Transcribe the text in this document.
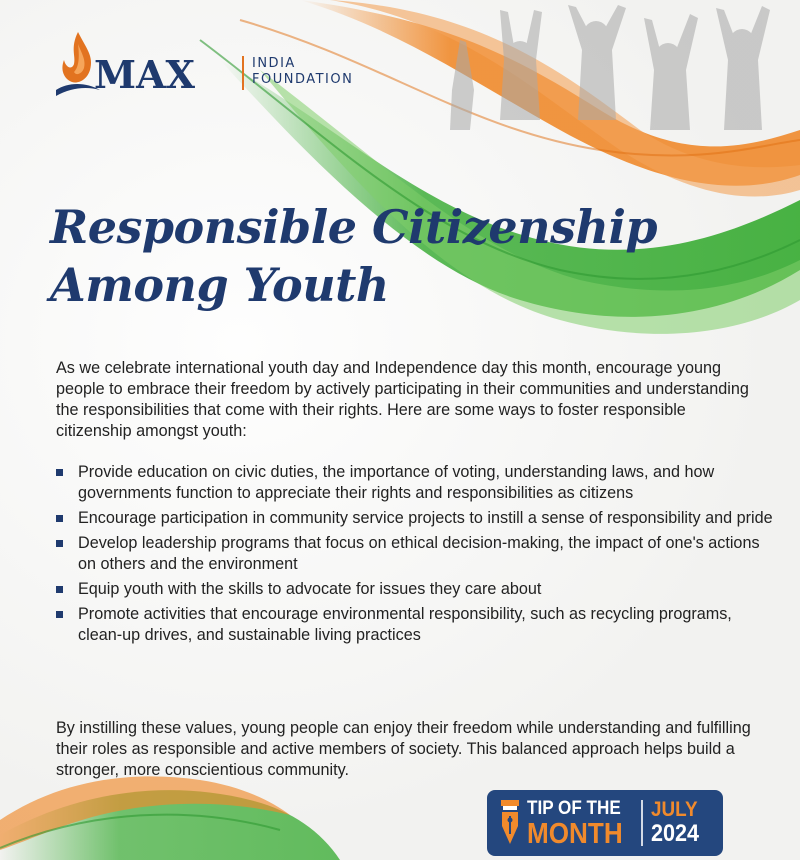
MAX	INDIA
FOUNDATION
Responsible Citizenship
Among Youth

As we celebrate international youth day and Independence day this month, encourage young people to embrace their freedom by actively participating in their communities and understanding the responsibilities that come with their rights. Here are some ways to foster responsible citizenship amongst youth:

Provide education on civic duties, the importance of voting, understanding laws, and how governments function to appreciate their rights and responsibilities as citizens
Encourage participation in community service projects to instill a sense of responsibility and pride
Develop leadership programs that focus on ethical decision-making, the impact of one's actions on others and the environment
Equip youth with the skills to advocate for issues they care about
Promote activities that encourage environmental responsibility, such as recycling programs, clean-up drives, and sustainable living practices

By instilling these values, young people can enjoy their freedom while understanding and fulfilling their roles as responsible and active members of society. This balanced approach helps build a stronger, more conscientious community.

TIP OF THE
MONTH
JULY
2024
